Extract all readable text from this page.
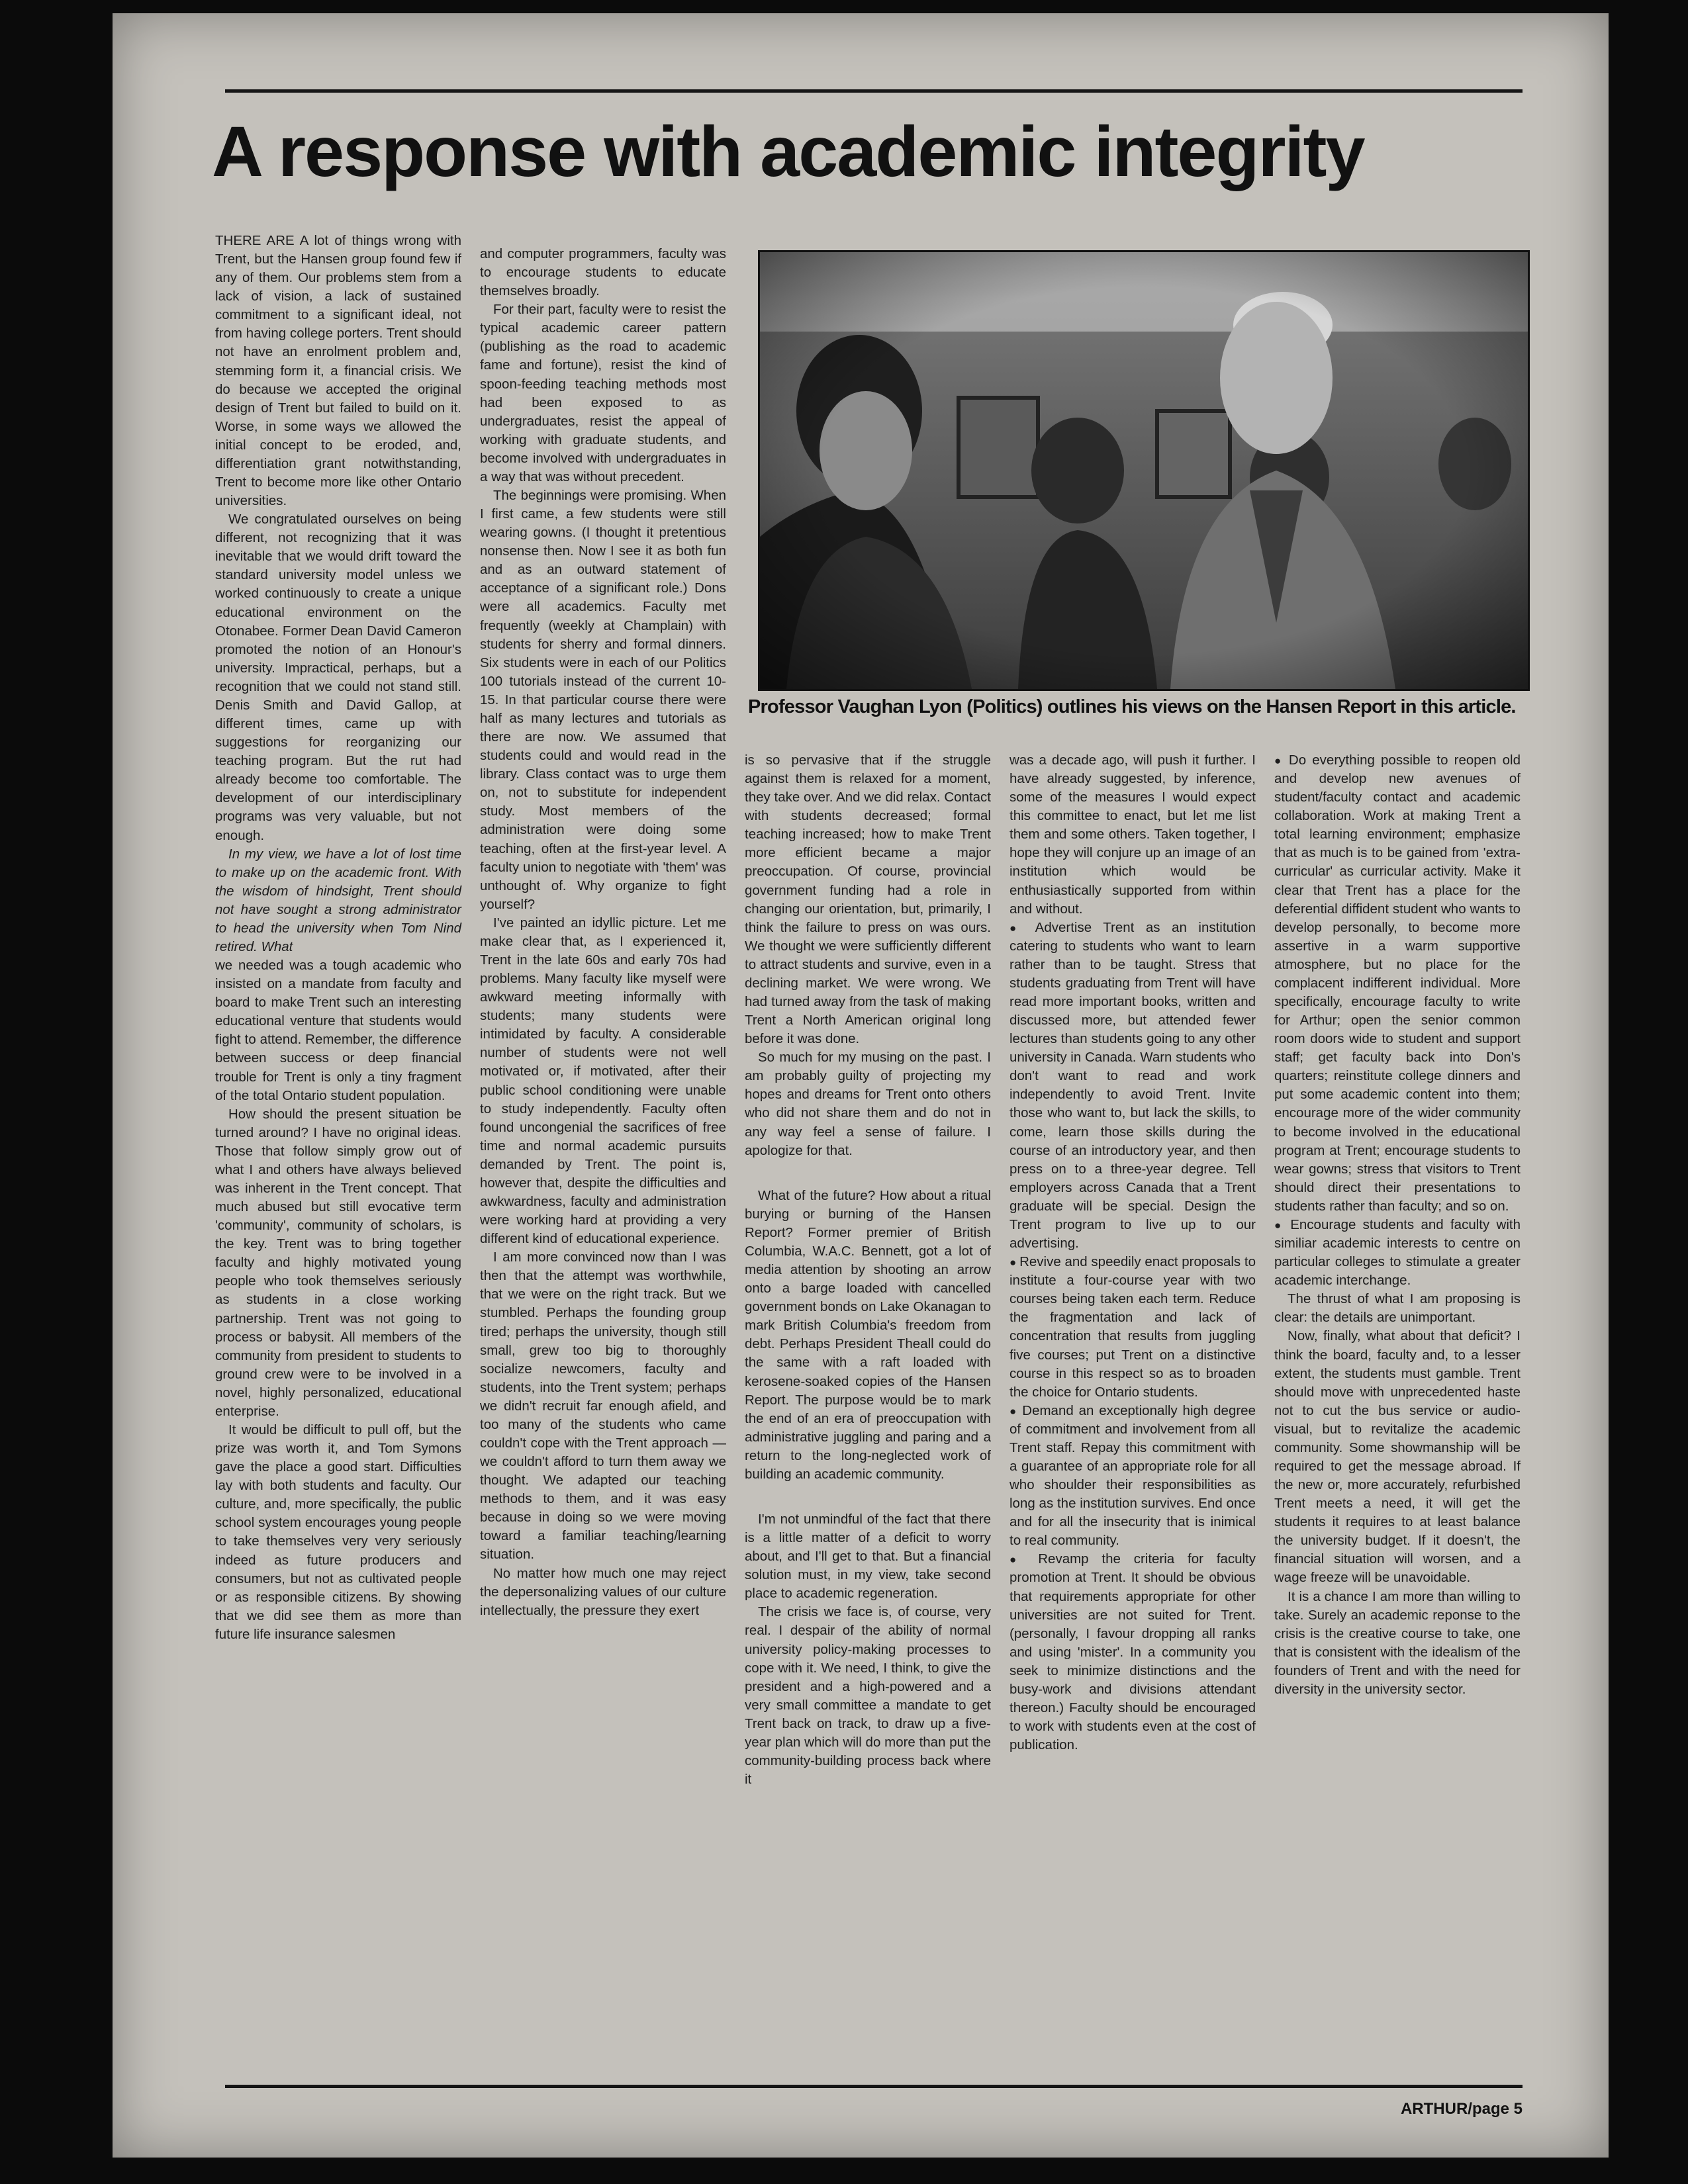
A response with academic integrity

THERE ARE A lot of things wrong with Trent, but the Hansen group found few if any of them. Our problems stem from a lack of vision, a lack of sustained commitment to a significant ideal, not from having college porters. Trent should not have an enrolment problem and, stemming form it, a financial crisis. We do because we accepted the original design of Trent but failed to build on it. Worse, in some ways we allowed the initial concept to be eroded, and, differentiation grant notwithstanding, Trent to become more like other Ontario universities.

We congratulated ourselves on being different, not recognizing that it was inevitable that we would drift toward the standard university model unless we worked continuously to create a unique educational environment on the Otonabee. Former Dean David Cameron promoted the notion of an Honour's university. Impractical, perhaps, but a recognition that we could not stand still. Denis Smith and David Gallop, at different times, came up with suggestions for reorganizing our teaching program. But the rut had already become too comfortable. The development of our interdisciplinary programs was very valuable, but not enough.

In my view, we have a lot of lost time to make up on the academic front. With the wisdom of hindsight, Trent should not have sought a strong administrator to head the university when Tom Nind retired. What

we needed was a tough academic who insisted on a mandate from faculty and board to make Trent such an interesting educational venture that students would fight to attend. Remember, the difference between success or deep financial trouble for Trent is only a tiny fragment of the total Ontario student population.

How should the present situation be turned around? I have no original ideas. Those that follow simply grow out of what I and others have always believed was inherent in the Trent concept. That much abused but still evocative term 'community', community of scholars, is the key. Trent was to bring together faculty and highly motivated young people who took themselves seriously as students in a close working partnership. Trent was not going to process or babysit. All members of the community from president to students to ground crew were to be involved in a novel, highly personalized, educational enterprise.

It would be difficult to pull off, but the prize was worth it, and Tom Symons gave the place a good start. Difficulties lay with both students and faculty. Our culture, and, more specifically, the public school system encourages young people to take themselves very very seriously indeed as future producers and consumers, but not as cultivated people or as responsible citizens. By showing that we did see them as more than future life insurance salesmen

and computer programmers, faculty was to encourage students to educate themselves broadly.

For their part, faculty were to resist the typical academic career pattern (publishing as the road to academic fame and fortune), resist the kind of spoon-feeding teaching methods most had been exposed to as undergraduates, resist the appeal of working with graduate students, and become involved with undergraduates in a way that was without precedent.

The beginnings were promising. When I first came, a few students were still wearing gowns. (I thought it pretentious nonsense then. Now I see it as both fun and as an outward statement of acceptance of a significant role.) Dons were all academics. Faculty met frequently (weekly at Champlain) with students for sherry and formal dinners. Six students were in each of our Politics 100 tutorials instead of the current 10-15. In that particular course there were half as many lectures and tutorials as there are now. We assumed that students could and would read in the library. Class contact was to urge them on, not to substitute for independent study. Most members of the administration were doing some teaching, often at the first-year level. A faculty union to negotiate with 'them' was unthought of. Why organize to fight yourself?

I've painted an idyllic picture. Let me make clear that, as I experienced it, Trent in the late 60s and early 70s had problems. Many faculty like myself were awkward meeting informally with students; many students were intimidated by faculty. A considerable number of students were not well motivated or, if motivated, after their public school conditioning were unable to study independently. Faculty often found uncongenial the sacrifices of free time and normal academic pursuits demanded by Trent. The point is, however that, despite the difficulties and awkwardness, faculty and administration were working hard at providing a very different kind of educational experience.

I am more convinced now than I was then that the attempt was worthwhile, that we were on the right track. But we stumbled. Perhaps the founding group tired; perhaps the university, though still small, grew too big to thoroughly socialize newcomers, faculty and students, into the Trent system; perhaps we didn't recruit far enough afield, and too many of the students who came couldn't cope with the Trent approach — we couldn't afford to turn them away we thought. We adapted our teaching methods to them, and it was easy because in doing so we were moving toward a familiar teaching/learning situation.

No matter how much one may reject the depersonalizing values of our culture intellectually, the pressure they exert

Professor Vaughan Lyon (Politics) outlines his views on the Hansen Report in this article.

is so pervasive that if the struggle against them is relaxed for a moment, they take over. And we did relax. Contact with students decreased; formal teaching increased; how to make Trent more efficient became a major preoccupation. Of course, provincial government funding had a role in changing our orientation, but, primarily, I think the failure to press on was ours. We thought we were sufficiently different to attract students and survive, even in a declining market. We were wrong. We had turned away from the task of making Trent a North American original long before it was done.

So much for my musing on the past. I am probably guilty of projecting my hopes and dreams for Trent onto others who did not share them and do not in any way feel a sense of failure. I apologize for that.

What of the future? How about a ritual burying or burning of the Hansen Report? Former premier of British Columbia, W.A.C. Bennett, got a lot of media attention by shooting an arrow onto a barge loaded with cancelled government bonds on Lake Okanagan to mark British Columbia's freedom from debt. Perhaps President Theall could do the same with a raft loaded with kerosene-soaked copies of the Hansen Report. The purpose would be to mark the end of an era of preoccupation with administrative juggling and paring and a return to the long-neglected work of building an academic community.

I'm not unmindful of the fact that there is a little matter of a deficit to worry about, and I'll get to that. But a financial solution must, in my view, take second place to academic regeneration.

The crisis we face is, of course, very real. I despair of the ability of normal university policy-making processes to cope with it. We need, I think, to give the president and a high-powered and a very small committee a mandate to get Trent back on track, to draw up a five-year plan which will do more than put the community-building process back where it

was a decade ago, will push it further. I have already suggested, by inference, some of the measures I would expect this committee to enact, but let me list them and some others. Taken together, I hope they will conjure up an image of an institution which would be enthusiastically supported from within and without.

● Advertise Trent as an institution catering to students who want to learn rather than to be taught. Stress that students graduating from Trent will have read more important books, written and discussed more, but attended fewer lectures than students going to any other university in Canada. Warn students who don't want to read and work independently to avoid Trent. Invite those who want to, but lack the skills, to come, learn those skills during the course of an introductory year, and then press on to a three-year degree. Tell employers across Canada that a Trent graduate will be special. Design the Trent program to live up to our advertising.

● Revive and speedily enact proposals to institute a four-course year with two courses being taken each term. Reduce the fragmentation and lack of concentration that results from juggling five courses; put Trent on a distinctive course in this respect so as to broaden the choice for Ontario students.

● Demand an exceptionally high degree of commitment and involvement from all Trent staff. Repay this commitment with a guarantee of an appropriate role for all who shoulder their responsibilities as long as the institution survives. End once and for all the insecurity that is inimical to real community.

● Revamp the criteria for faculty promotion at Trent. It should be obvious that requirements appropriate for other universities are not suited for Trent. (personally, I favour dropping all ranks and using 'mister'. In a community you seek to minimize distinctions and the busy-work and divisions attendant thereon.) Faculty should be encouraged to work with students even at the cost of publication.

● Do everything possible to reopen old and develop new avenues of student/faculty contact and academic collaboration. Work at making Trent a total learning environment; emphasize that as much is to be gained from 'extra-curricular' as curricular activity. Make it clear that Trent has a place for the deferential diffident student who wants to develop personally, to become more assertive in a warm supportive atmosphere, but no place for the complacent indifferent individual. More specifically, encourage faculty to write for Arthur; open the senior common room doors wide to student and support staff; get faculty back into Don's quarters; reinstitute college dinners and put some academic content into them; encourage more of the wider community to become involved in the educational program at Trent; encourage students to wear gowns; stress that visitors to Trent should direct their presentations to students rather than faculty; and so on.

● Encourage students and faculty with similiar academic interests to centre on particular colleges to stimulate a greater academic interchange.

The thrust of what I am proposing is clear: the details are unimportant.

Now, finally, what about that deficit? I think the board, faculty and, to a lesser extent, the students must gamble. Trent should move with unprecedented haste not to cut the bus service or audio-visual, but to revitalize the academic community. Some showmanship will be required to get the message abroad. If the new or, more accurately, refurbished Trent meets a need, it will get the students it requires to at least balance the university budget. If it doesn't, the financial situation will worsen, and a wage freeze will be unavoidable.

It is a chance I am more than willing to take. Surely an academic reponse to the crisis is the creative course to take, one that is consistent with the idealism of the founders of Trent and with the need for diversity in the university sector.

ARTHUR/page 5
